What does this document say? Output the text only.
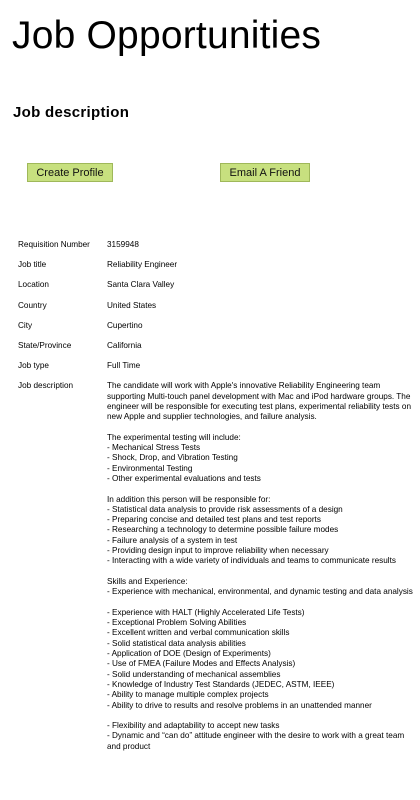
Job Opportunities
Job description
Create Profile	Email A Friend
Requisition Number	3159948
Job title	Reliability Engineer
Location	Santa Clara Valley
Country	United States
City	Cupertino
State/Province	California
Job type	Full Time
Job description	The candidate will work with Apple's innovative Reliability Engineering team supporting Multi-touch panel development with Mac and iPod hardware groups. The engineer will be responsible for executing test plans, experimental reliability tests on new Apple and supplier technologies, and failure analysis.

The experimental testing will include:
- Mechanical Stress Tests
- Shock, Drop, and Vibration Testing
- Environmental Testing
- Other experimental evaluations and tests
In addition this person will be responsible for:
- Statistical data analysis to provide risk assessments of a design
- Preparing concise and detailed test plans and test reports
- Researching a technology to determine possible failure modes
- Failure analysis of a system in test
- Providing design input to improve reliability when necessary
- Interacting with a wide variety of individuals and teams to communicate results
Skills and Experience:
- Experience with mechanical, environmental, and dynamic testing and data analysis
- Experience with HALT (Highly Accelerated Life Tests)
- Exceptional Problem Solving Abilities
- Excellent written and verbal communication skills
- Solid statistical data analysis abilities
- Application of DOE (Design of Experiments)
- Use of FMEA (Failure Modes and Effects Analysis)
- Solid understanding of mechanical assemblies
- Knowledge of Industry Test Standards (JEDEC, ASTM, IEEE)
- Ability to manage multiple complex projects
- Ability to drive to results and resolve problems in an unattended manner
- Flexibility and adaptability to accept new tasks
- Dynamic and “can do” attitude engineer with the desire to work with a great team and product
